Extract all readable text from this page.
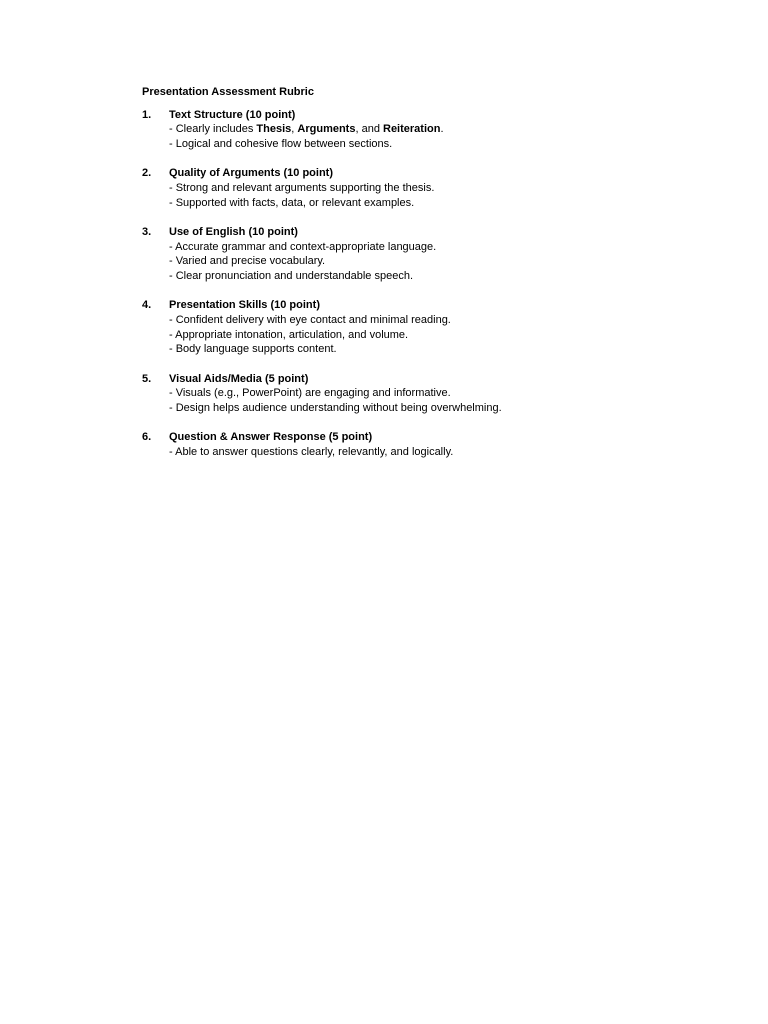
Presentation Assessment Rubric
1. Text Structure (10 point)
- Clearly includes Thesis, Arguments, and Reiteration.
- Logical and cohesive flow between sections.
2. Quality of Arguments (10 point)
- Strong and relevant arguments supporting the thesis.
- Supported with facts, data, or relevant examples.
3. Use of English (10 point)
- Accurate grammar and context-appropriate language.
- Varied and precise vocabulary.
- Clear pronunciation and understandable speech.
4. Presentation Skills (10 point)
- Confident delivery with eye contact and minimal reading.
- Appropriate intonation, articulation, and volume.
- Body language supports content.
5. Visual Aids/Media (5 point)
- Visuals (e.g., PowerPoint) are engaging and informative.
- Design helps audience understanding without being overwhelming.
6. Question & Answer Response (5 point)
- Able to answer questions clearly, relevantly, and logically.
